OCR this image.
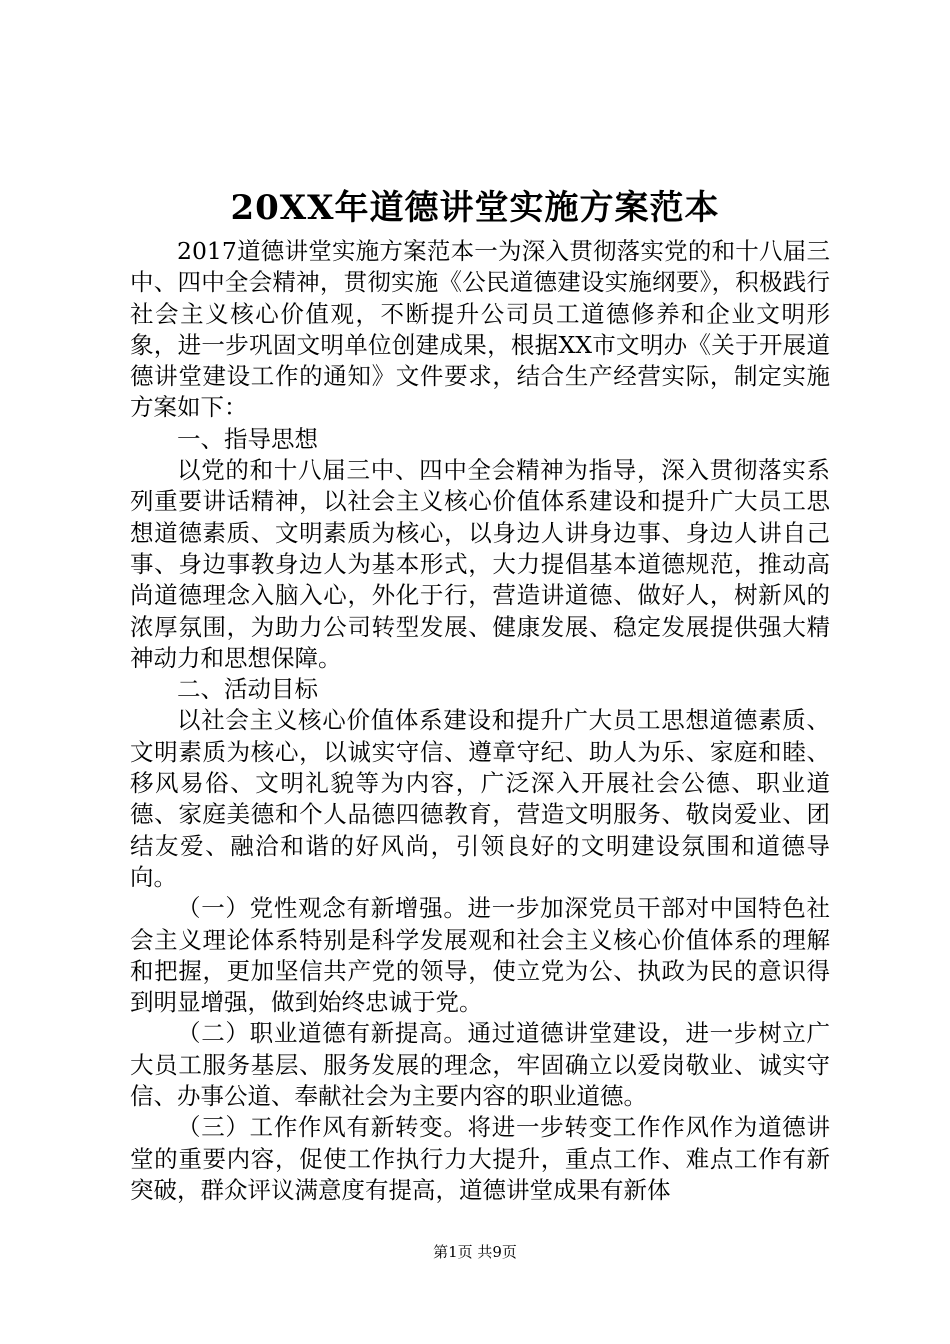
20XX年道德讲堂实施方案范本

2017道德讲堂实施方案范本一为深入贯彻落实党的和十八届三中、四中全会精神，贯彻实施《公民道德建设实施纲要》，积极践行社会主义核心价值观，不断提升公司员工道德修养和企业文明形象，进一步巩固文明单位创建成果，根据XX市文明办《关于开展道德讲堂建设工作的通知》文件要求，结合生产经营实际，制定实施方案如下：

一、指导思想

以党的和十八届三中、四中全会精神为指导，深入贯彻落实系列重要讲话精神，以社会主义核心价值体系建设和提升广大员工思想道德素质、文明素质为核心，以身边人讲身边事、身边人讲自己事、身边事教身边人为基本形式，大力提倡基本道德规范，推动高尚道德理念入脑入心，外化于行，营造讲道德、做好人，树新风的浓厚氛围，为助力公司转型发展、健康发展、稳定发展提供强大精神动力和思想保障。

二、活动目标

以社会主义核心价值体系建设和提升广大员工思想道德素质、文明素质为核心，以诚实守信、遵章守纪、助人为乐、家庭和睦、移风易俗、文明礼貌等为内容，广泛深入开展社会公德、职业道德、家庭美德和个人品德四德教育，营造文明服务、敬岗爱业、团结友爱、融洽和谐的好风尚，引领良好的文明建设氛围和道德导向。

（一）党性观念有新增强。进一步加深党员干部对中国特色社会主义理论体系特别是科学发展观和社会主义核心价值体系的理解和把握，更加坚信共产党的领导，使立党为公、执政为民的意识得到明显增强，做到始终忠诚于党。

（二）职业道德有新提高。通过道德讲堂建设，进一步树立广大员工服务基层、服务发展的理念，牢固确立以爱岗敬业、诚实守信、办事公道、奉献社会为主要内容的职业道德。

（三）工作作风有新转变。将进一步转变工作作风作为道德讲堂的重要内容，促使工作执行力大提升，重点工作、难点工作有新突破，群众评议满意度有提高，道德讲堂成果有新体

第1页 共9页
